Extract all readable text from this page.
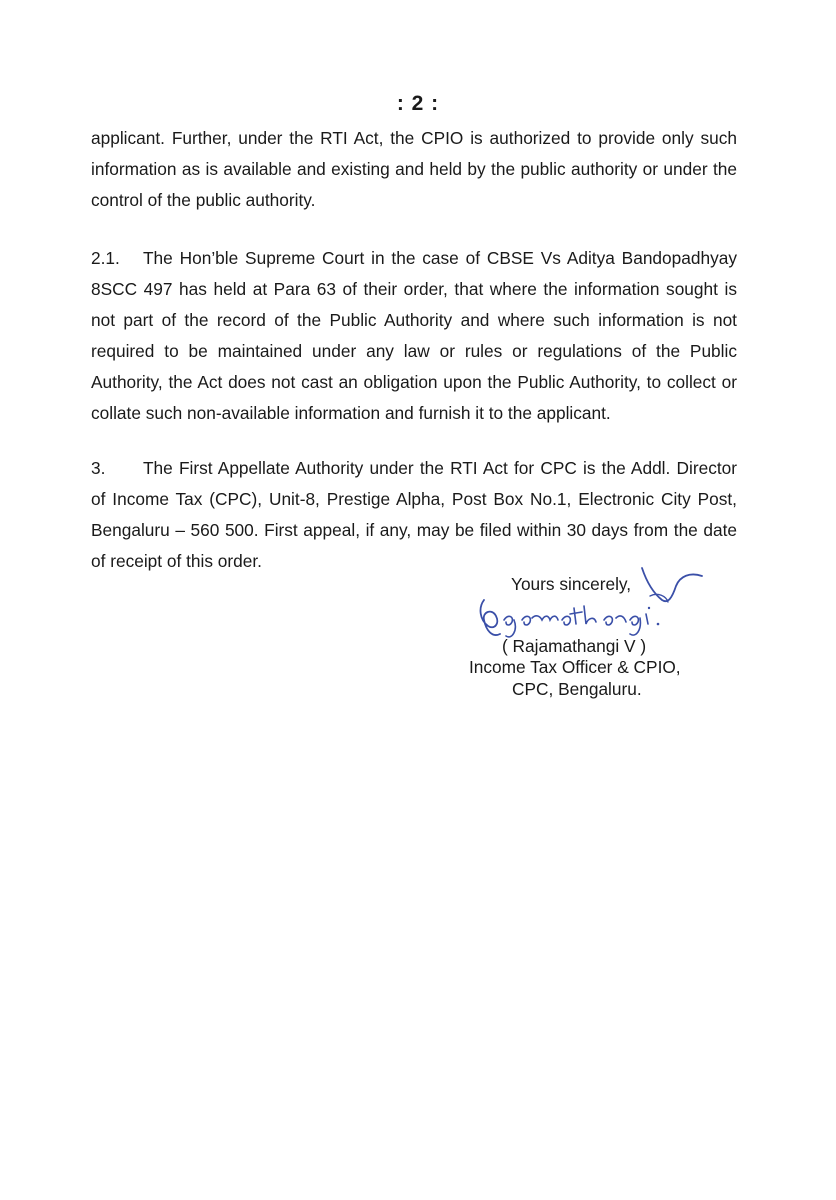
: 2 :

applicant. Further, under the RTI Act, the CPIO is authorized to provide only such information as is available and existing and held by the public authority or under the control of the public authority.

2.1. The Hon’ble Supreme Court in the case of CBSE Vs Aditya Bandopadhyay 8SCC 497 has held at Para 63 of their order, that where the information sought is not part of the record of the Public Authority and where such information is not required to be maintained under any law or rules or regulations of the Public Authority, the Act does not cast an obligation upon the Public Authority, to collect or collate such non-available information and furnish it to the applicant.

3. The First Appellate Authority under the RTI Act for CPC is the Addl. Director of Income Tax (CPC), Unit-8, Prestige Alpha, Post Box No.1, Electronic City Post, Bengaluru – 560 500. First appeal, if any, may be filed within 30 days from the date of receipt of this order.

Yours sincerely,
( Rajamathangi V )
Income Tax Officer & CPIO,
CPC, Bengaluru.
